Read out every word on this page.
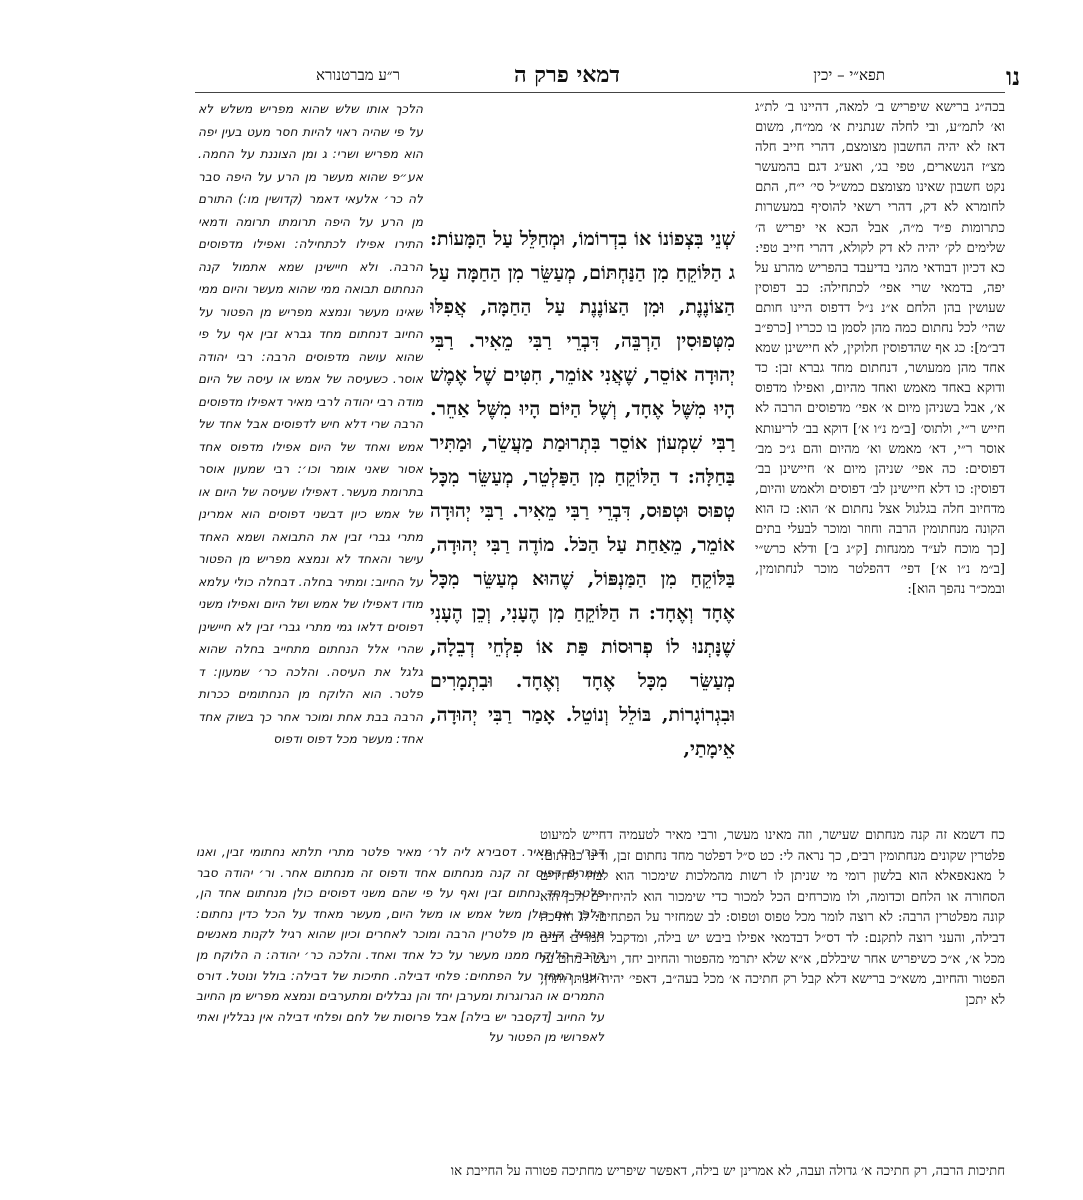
נו
תפא״י – יכין
דמאי פרק ה
ר״ע מברטנורא

בכה״ג ברישא שיפריש ב׳ למאה, דהיינו ב׳ לת״ג וא׳ לתמ״ע, ובי לחלה שנתנית א׳ ממ״ח, משום דאז לא יהיה החשבון מצומצם, דהרי חייב חלה מצ״ז הנשארים, טפי בג׳, ואע״ג דגם בהמעשר נקט חשבון שאינו מצומצם כמש״ל סי׳ י״ח, התם לחומרא לא דק, דהרי רשאי להוסיף במעשרות כתרומות פ״ד מ״ה, אבל הכא אי יפריש ה׳ שלימים לק׳ יהיה לא דק לקולא, דהרי חייב טפי: כא דכיון דבודאי מהני בדיעבד בהפריש מהרע על יפה, בדמאי שרי אפי׳ לכתחילה: כב דפוסין שעושין בהן הלחם א״נ נ״ל דדפוס היינו חותם שהי׳ לכל נחתום כמה מהן לסמן בו ככריו [כרפ״ב דב״מ]: כג אף שהדפוסין חלוקין, לא חיישינן שמא אחד מהן ממעושר, דנחתום מחד גברא זבן: כד ודוקא באחד מאמש ואחד מהיום, ואפילו מדפוס א׳, אבל בשניהן מיום א׳ אפי׳ מדפוסים הרבה לא חייש ר״י, ולתוס׳ [ב״מ נ״ו א׳] דוקא בב׳ לריעותא אוסר ר״י, דא׳ מאמש וא׳ מהיום והם ג״כ מב׳ דפוסים: כה אפי׳ שניהן מיום א׳ חיישינן בב׳ דפוסין: כו דלא חיישינן לב׳ דפוסים ולאמש והיום, מדחיוב חלה בגלגול אצל נחתום א׳ הוא: כז הוא הקונה מנחתומין הרבה וחוזר ומוכר לבעלי בתים [כך מוכח לע״ד ממנחות [ק״ג ב׳] ודלא כרש״י [ב״מ נ״ו א׳] דפי׳ דהפלטר מוכר לנחתומין, ובמכ״ר נהפך הוא]:

שְׁנֵי בִּצְפוֹנוֹ אוֹ בִדְרוֹמוֹ, וּמְחַלֵּל עַל הַמָּעוֹת: ג הַלּוֹקֵחַ מִן הַנַּחְתּוֹם, מְעַשֵּׂר מִן הַחַמָּה עַל הַצּוֹנֶנֶת, וּמִן הַצּוֹנֶנֶת עַל הַחַמָּה, אֲפִלּוּ מִטְּפוּסִין הַרְבֵּה, דִּבְרֵי רַבִּי מֵאִיר. רַבִּי יְהוּדָה אוֹסֵר, שֶׁאֲנִי אוֹמֵר, חִטִּים שֶׁל אֶמֶשׁ הָיוּ מִשֶּׁל אֶחָד, וְשֶׁל הַיּוֹם הָיוּ מִשֶּׁל אַחֵר. רַבִּי שִׁמְעוֹן אוֹסֵר בִּתְרוּמַת מַעֲשֵׂר, וּמַתִּיר בַּחַלָּה: ד הַלּוֹקֵחַ מִן הַפַּלְטֵר, מְעַשֵּׂר מִכָּל טְפוּס וּטְפוּס, דִּבְרֵי רַבִּי מֵאִיר. רַבִּי יְהוּדָה אוֹמֵר, מֵאַחַת עַל הַכֹּל. מוֹדֶה רַבִּי יְהוּדָה, בַּלּוֹקֵחַ מִן הַמַּנְפּוֹל, שֶׁהוּא מְעַשֵּׂר מִכָּל אֶחָד וְאֶחָד: ה הַלּוֹקֵחַ מִן הֶעָנִי, וְכֵן הֶעָנִי שֶׁנָּתְנוּ לוֹ פְרוּסוֹת פַּת אוֹ פִלְחֵי דְבֵלָה, מְעַשֵּׂר מִכָּל אֶחָד וְאֶחָד. וּבִתְמָרִים וּבִגְרוֹגָרוֹת, בּוֹלֵל וְנוֹטֵל. אָמַר רַבִּי יְהוּדָה, אֵימָתַי,

הלכך אותו שלש שהוא מפריש משלש לא על פי שהיה ראוי להיות חסר מעט בעין יפה הוא מפריש ושרי: ג ומן הצוננת על החמה. אע״פ שהוא מעשר מן הרע על היפה סבר לה כר׳ אלעאי דאמר (קדושין מו:) התורם מן הרע על היפה תרומתו תרומה ודמאי התירו אפילו לכתחילה: ואפילו מדפוסים הרבה. ולא חיישינן שמא אתמול קנה הנחתום תבואה ממי שהוא מעשר והיום ממי שאינו מעשר ונמצא מפריש מן הפטור על החיוב דנחתום מחד גברא זבין אף על פי שהוא עושה מדפוסים הרבה: רבי יהודה אוסר. כשעיסה של אמש או עיסה של היום מודה רבי יהודה לרבי מאיר דאפילו מדפוסים הרבה שרי דלא חיש לדפוסים אבל אחד של אמש ואחד של היום אפילו מדפוס אחד אסור שאני אומר וכו׳: רבי שמעון אוסר בתרומת מעשר. דאפילו שעיסה של היום או של אמש כיון דבשני דפוסים הוא אמרינן מתרי גברי זבין את התבואה ושמא האחד עישר והאחד לא ונמצא מפריש מן הפטור על החיוב: ומתיר בחלה. דבחלה כולי עלמא מודו דאפילו של אמש ושל היום ואפילו משני דפוסים דלאו גמי מתרי גברי זבין לא חיישינן שהרי אלל הנחתום מתחייב בחלה שהוא גלגל את העיסה. והלכה כר׳ שמעון: ד פלטר. הוא הלוקח מן הנחתומים ככרות הרבה בבת אחת ומוכר אחר כך בשוק אחד אחד: מעשר מכל דפוס ודפוס

כח דשמא זה קנה מנחתום שעישר, וזה מאינו מעשר, ורבי מאיר לטעמיה דחייש למיעוט פלטרין שקונים מנחתומין רבים, כך נראה לי: כט ס״ל דפלטר מחד נחתום זבן, ודינו כנחתום: ל מאנאפאלא הוא בלשון רומי מי שניתן לו רשות מהמלכות שימכור הוא לבדו ליחידים הסחורה או הלחם וכדומה, ולו מוכרחים הכל למכור כדי שימכור הוא להיחידים ולכן הוא קונה מפלטרין הרבה: לא רוצה לומר מכל טפוס וטפוס: לב שמחזיר על הפתחים: לג חתיכת דבילה, והעני רוצה לתקנם: לד דס״ל דבדמאי אפילו ביבש יש בילה, ומדקבל תמרים רבים מכל א׳, א״כ כשיפריש אחר שיבללם, א״א שלא יתרמי מהפטור והחיוב יחד, ויעשר מהם על הפטור והחיוב, משא״כ ברישא דלא קבל רק חתיכה א׳ מכל בעה״ב, דאפי׳ יהיה הנותן ותרן, לא יתכן

דברי רבי מאיר. דסבירא ליה לר׳ מאיר פלטר מתרי תלתא נחתומי זבין, ואנו אומרים דפוס זה קנה מנחתום אחד ודפוס זה מנחתום אחר. ור׳ יהודה סבר פלטר מחד נחתום זבין ואף על פי שהם משני דפוסים כולן מנחתום אחד הן, הלכך אם כולן משל אמש או משל היום, מעשר מאחד על הכל כדין נחתום: מנפול. קונה מן פלטרין הרבה ומוכר לאחרים וכיון שהוא רגיל לקנות מאנשים הרבה הלוקח ממנו מעשר על כל אחד ואחד. והלכה כר׳ יהודה: ה הלוקח מן העני. המחזר על הפתחים: פלחי דבילה. חתיכות של דבילה: בולל ונוטל. דורס התמרים או הגרוגרות ומערבן יחד והן נבללים ומתערבים ונמצא מפריש מן החיוב על החיוב [דקסבר יש בילה] אבל פרוסות של לחם ופלחי דבילה אין נבללין ואתי לאפרושי מן הפטור על

חתיכות הרבה, רק חתיכה א׳ גדולה ועבה, לא אמרינן יש בילה, דאפשר שיפריש מחתיכה פטורה על החייבת או
